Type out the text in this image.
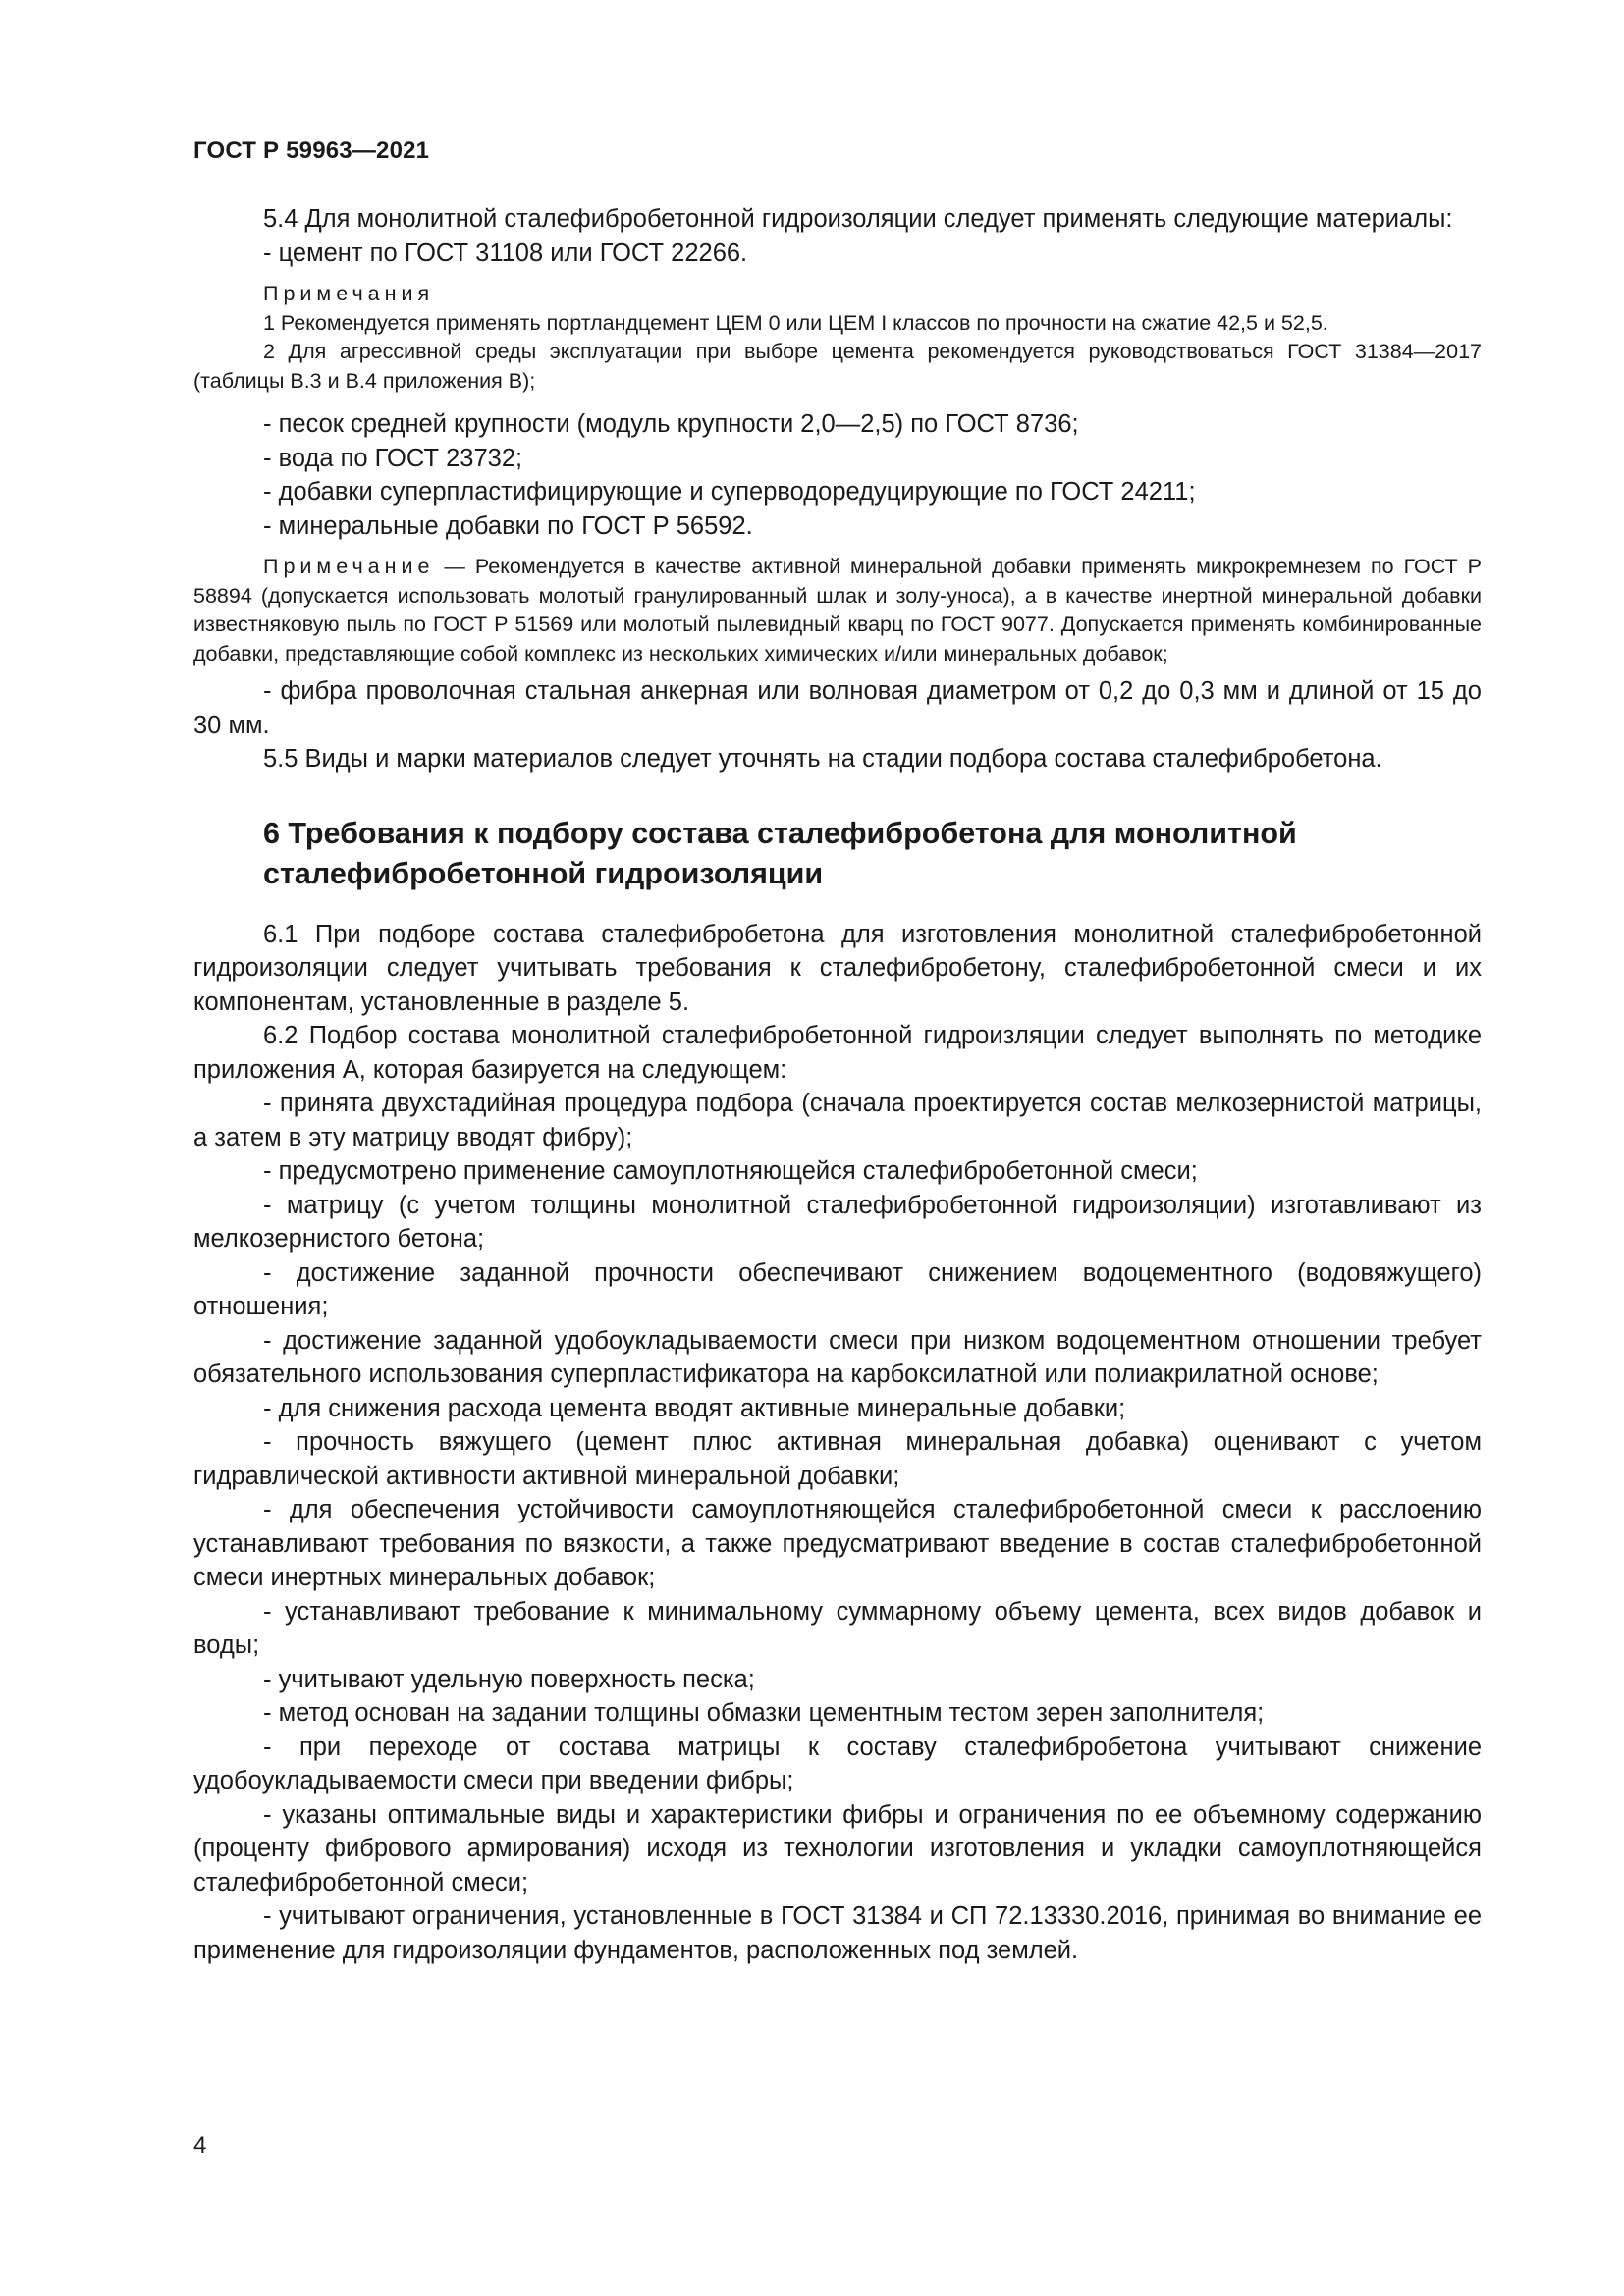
ГОСТ Р 59963—2021

5.4 Для монолитной сталефибробетонной гидроизоляции следует применять следующие материалы:

- цемент по ГОСТ 31108 или ГОСТ 22266.

Примечания

1 Рекомендуется применять портландцемент ЦЕМ 0 или ЦЕМ I классов по прочности на сжатие 42,5 и 52,5.

2 Для агрессивной среды эксплуатации при выборе цемента рекомендуется руководствоваться ГОСТ 31384—2017 (таблицы В.3 и В.4 приложения В);

- песок средней крупности (модуль крупности 2,0—2,5) по ГОСТ 8736;

- вода по ГОСТ 23732;

- добавки суперпластифицирующие и суперводоредуцирующие по ГОСТ 24211;

- минеральные добавки по ГОСТ Р 56592.

Примечание — Рекомендуется в качестве активной минеральной добавки применять микрокремнезем по ГОСТ Р 58894 (допускается использовать молотый гранулированный шлак и золу-уноса), а в качестве инертной минеральной добавки известняковую пыль по ГОСТ Р 51569 или молотый пылевидный кварц по ГОСТ 9077. Допускается применять комбинированные добавки, представляющие собой комплекс из нескольких химических и/или минеральных добавок;

- фибра проволочная стальная анкерная или волновая диаметром от 0,2 до 0,3 мм и длиной от 15 до 30 мм.

5.5 Виды и марки материалов следует уточнять на стадии подбора состава сталефибробетона.

6 Требования к подбору состава сталефибробетона для монолитной
сталефибробетонной гидроизоляции

6.1 При подборе состава сталефибробетона для изготовления монолитной сталефибробетонной гидроизоляции следует учитывать требования к сталефибробетону, сталефибробетонной смеси и их компонентам, установленные в разделе 5.

6.2 Подбор состава монолитной сталефибробетонной гидроизляции следует выполнять по методике приложения А, которая базируется на следующем:

- принята двухстадийная процедура подбора (сначала проектируется состав мелкозернистой матрицы, а затем в эту матрицу вводят фибру);

- предусмотрено применение самоуплотняющейся сталефибробетонной смеси;

- матрицу (с учетом толщины монолитной сталефибробетонной гидроизоляции) изготавливают из мелкозернистого бетона;

- достижение заданной прочности обеспечивают снижением водоцементного (водовяжущего) отношения;

- достижение заданной удобоукладываемости смеси при низком водоцементном отношении требует обязательного использования суперпластификатора на карбоксилатной или полиакрилатной основе;

- для снижения расхода цемента вводят активные минеральные добавки;

- прочность вяжущего (цемент плюс активная минеральная добавка) оценивают с учетом гидравлической активности активной минеральной добавки;

- для обеспечения устойчивости самоуплотняющейся сталефибробетонной смеси к расслоению устанавливают требования по вязкости, а также предусматривают введение в состав сталефибробетонной смеси инертных минеральных добавок;

- устанавливают требование к минимальному суммарному объему цемента, всех видов добавок и воды;

- учитывают удельную поверхность песка;

- метод основан на задании толщины обмазки цементным тестом зерен заполнителя;

- при переходе от состава матрицы к составу сталефибробетона учитывают снижение удобоукладываемости смеси при введении фибры;

- указаны оптимальные виды и характеристики фибры и ограничения по ее объемному содержанию (проценту фибрового армирования) исходя из технологии изготовления и укладки самоуплотняющейся сталефибробетонной смеси;

- учитывают ограничения, установленные в ГОСТ 31384 и СП 72.13330.2016, принимая во внимание ее применение для гидроизоляции фундаментов, расположенных под землей.

4
